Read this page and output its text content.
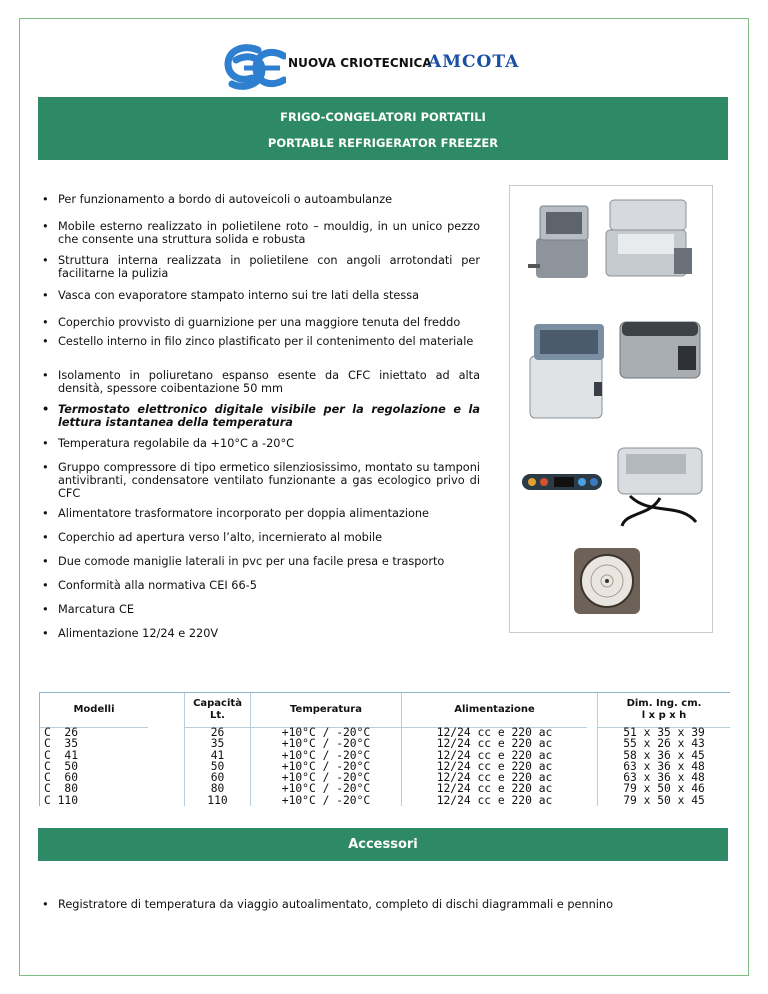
NUOVA CRIOTECNICA
AMCOTA
FRIGO-CONGELATORI PORTATILI
PORTABLE REFRIGERATOR FREEZER
• Per funzionamento a bordo di autoveicoli o autoambulanze
• Mobile esterno realizzato in polietilene roto – mouldig, in un unico pezzo che consente una struttura solida e robusta
• Struttura interna realizzata in polietilene con angoli arrotondati per facilitarne la pulizia
• Vasca con evaporatore stampato interno sui tre lati della stessa
• Coperchio provvisto di guarnizione per una maggiore tenuta del freddo
• Cestello interno in filo zinco plastificato per il contenimento del materiale
• Isolamento in poliuretano espanso esente da CFC iniettato ad alta densità, spessore coibentazione 50 mm
• Termostato elettronico digitale visibile per la regolazione e la lettura istantanea della temperatura
• Temperatura regolabile da +10°C a -20°C
• Gruppo compressore di tipo ermetico silenziosissimo, montato su tamponi antivibranti, condensatore ventilato funzionante a gas ecologico privo di CFC
• Alimentatore trasformatore incorporato per doppia alimentazione
• Coperchio ad apertura verso l’alto, incernierato al mobile
• Due comode maniglie laterali in pvc per una facile presa e trasporto
• Conformità alla normativa CEI 66-5
• Marcatura CE
• Alimentazione 12/24 e 220V
Modelli
C  26
C  35
C  41
C  50
C  60
C  80
C 110
Capacità Lt.
26
35
41
50
60
80
110
Temperatura
+10°C / -20°C
+10°C / -20°C
+10°C / -20°C
+10°C / -20°C
+10°C / -20°C
+10°C / -20°C
+10°C / -20°C
Alimentazione
12/24 cc e 220 ac
12/24 cc e 220 ac
12/24 cc e 220 ac
12/24 cc e 220 ac
12/24 cc e 220 ac
12/24 cc e 220 ac
12/24 cc e 220 ac
Dim. Ing. cm.
l x p x h
51 x 35 x 39
55 x 26 x 43
58 x 36 x 45
63 x 36 x 48
63 x 36 x 48
79 x 50 x 46
79 x 50 x 45
Accessori
• Registratore di temperatura da viaggio autoalimentato, completo di dischi diagrammali e pennino
